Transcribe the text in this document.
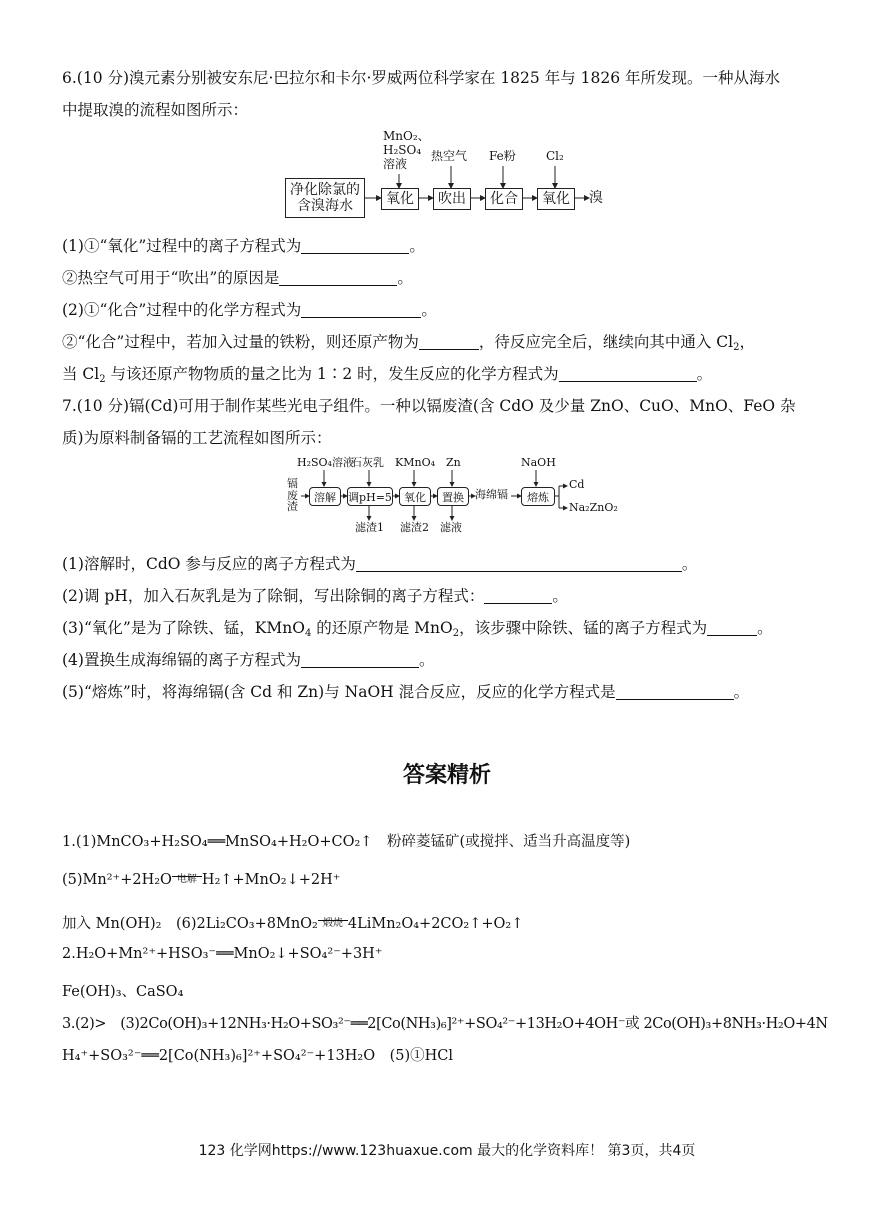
6.(10 分)溴元素分别被安东尼·巴拉尔和卡尔·罗威两位科学家在 1825 年与 1826 年所发现。一种从海水
中提取溴的流程如图所示：
净化除氯的
含溴海水	氧化	吹出	化合	氧化	溴
MnO₂、
H₂SO₄
溶液
热空气 Fe粉	Cl₂
(1)①“氧化”过程中的离子方程式为	。
②热空气可用于“吹出”的原因是	。
(2)①“化合”过程中的化学方程式为	。
②“化合”过程中，若加入过量的铁粉，则还原产物为	，待反应完全后，继续向其中通入 $Cl_2$，
当 $Cl_2$ 与该还原产物物质的量之比为 1∶2 时，发生反应的化学方程式为	。
7.(10 分)镉(Cd)可用于制作某些光电子组件。一种以镉废渣(含 CdO 及少量 ZnO、CuO、MnO、FeO 杂
质)为原料制备镉的工艺流程如图所示：
镉
废
渣
溶解	调pH=5	氧化	置换	海绵镉	熔炼
H₂SO₄溶液
石灰乳 KMnO₄ Zn	NaOH
滤渣1 滤渣2 滤液
Cd
Na₂ZnO₂
(1)溶解时，CdO 参与反应的离子方程式为	。
(2)调 pH，加入石灰乳是为了除铜，写出除铜的离子方程式：	。
(3)“氧化”是为了除铁、锰，KMnO$_4$ 的还原产物是 MnO$_2$，该步骤中除铁、锰的离子方程式为	。
(4)置换生成海绵镉的离子方程式为	。
(5)“熔炼”时，将海绵镉(含 Cd 和 Zn)与 NaOH 混合反应，反应的化学方程式是	。
答案精析
1.(1)MnCO₃+H₂SO₄══MnSO₄+H₂O+CO₂↑　粉碎菱锰矿(或搅拌、适当升高温度等)
(5)Mn²⁺+2H₂O 电解 H₂↑+MnO₂↓+2H⁺
加入 Mn(OH)₂　(6)2Li₂CO₃+8MnO₂ 煅烧 4LiMn₂O₄+2CO₂↑+O₂↑
2.H₂O+Mn²⁺+HSO₃⁻══MnO₂↓+SO₄²⁻+3H⁺
Fe(OH)₃、CaSO₄
3.(2)>　(3)2Co(OH)₃+12NH₃·H₂O+SO₃²⁻══2[Co(NH₃)₆]²⁺+SO₄²⁻+13H₂O+4OH⁻或 2Co(OH)₃+8NH₃·H₂O+4N
H₄⁺+SO₃²⁻══2[Co(NH₃)₆]²⁺+SO₄²⁻+13H₂O　(5)①HCl
123 化学网https://www.123huaxue.com 最大的化学资料库！ 第3页，共4页
